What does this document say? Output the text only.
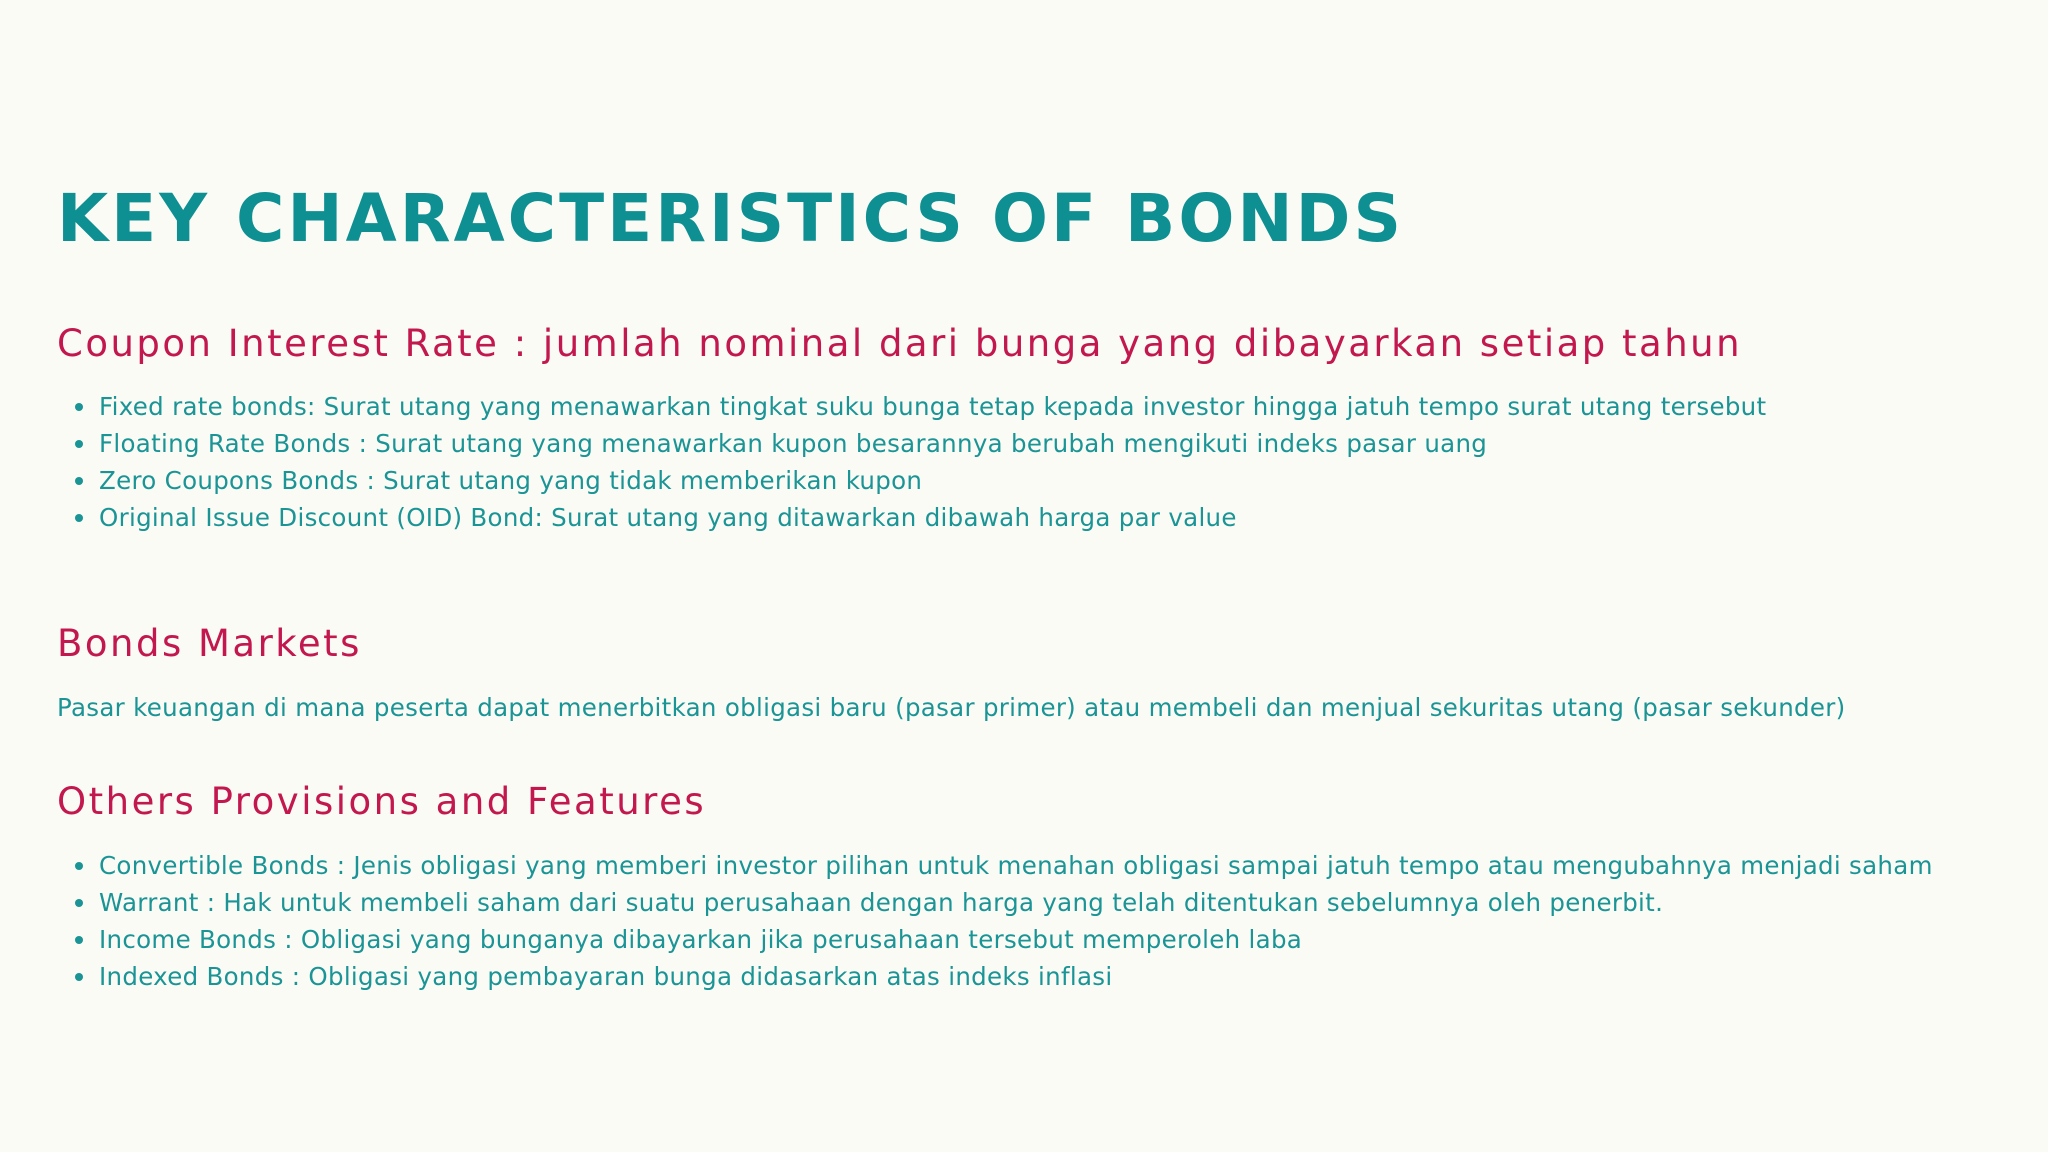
KEY CHARACTERISTICS OF BONDS
Coupon Interest Rate : jumlah nominal dari bunga yang dibayarkan setiap tahun
Fixed rate bonds: Surat utang yang menawarkan tingkat suku bunga tetap kepada investor hingga jatuh tempo surat utang tersebut
Floating Rate Bonds : Surat utang yang menawarkan kupon besarannya berubah mengikuti indeks pasar uang
Zero Coupons Bonds : Surat utang yang tidak memberikan kupon
Original Issue Discount (OID) Bond: Surat utang yang ditawarkan dibawah harga par value
Bonds Markets

Pasar keuangan di mana peserta dapat menerbitkan obligasi baru (pasar primer) atau membeli dan menjual sekuritas utang (pasar sekunder)

Others Provisions and Features
Convertible Bonds : Jenis obligasi yang memberi investor pilihan untuk menahan obligasi sampai jatuh tempo atau mengubahnya menjadi saham
Warrant : Hak untuk membeli saham dari suatu perusahaan dengan harga yang telah ditentukan sebelumnya oleh penerbit.
Income Bonds : Obligasi yang bunganya dibayarkan jika perusahaan tersebut memperoleh laba
Indexed Bonds : Obligasi yang pembayaran bunga didasarkan atas indeks inflasi
